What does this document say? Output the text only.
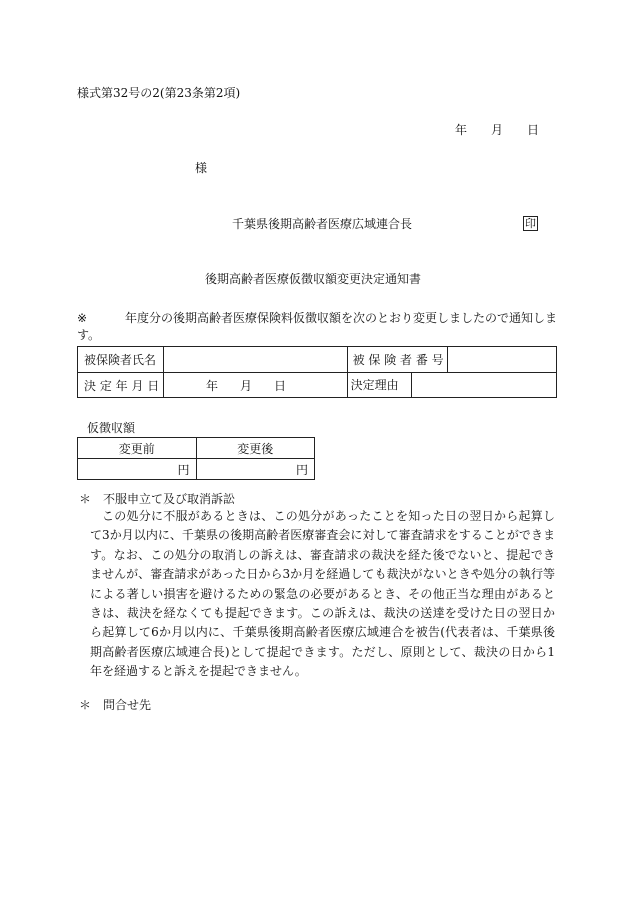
様式第32号の2(第23条第2項)
年 月 日
様
千葉県後期高齢者医療広域連合長	印
後期高齢者医療仮徴収額変更決定通知書
※	年度分の後期高齢者医療保険料仮徴収額を次のとおり変更しましたので通知しま
す。
被保険者氏名		被 保 険 者 番 号	
決 定 年 月 日	年 月 日	決定理由	
仮徴収額
変更前	変更後
円	円
＊　不服申立て及び取消訴訟
この処分に不服があるときは、この処分があったことを知った日の翌日から起算して3か月以内に、千葉県の後期高齢者医療審査会に対して審査請求をすることができます。なお、この処分の取消しの訴えは、審査請求の裁決を経た後でないと、提起できませんが、審査請求があった日から3か月を経過しても裁決がないときや処分の執行等による著しい損害を避けるための緊急の必要があるとき、その他正当な理由があるときは、裁決を経なくても提起できます。この訴えは、裁決の送達を受けた日の翌日から起算して6か月以内に、千葉県後期高齢者医療広域連合を被告(代表者は、千葉県後期高齢者医療広域連合長)として提起できます。ただし、原則として、裁決の日から1年を経過すると訴えを提起できません。
＊　問合せ先
